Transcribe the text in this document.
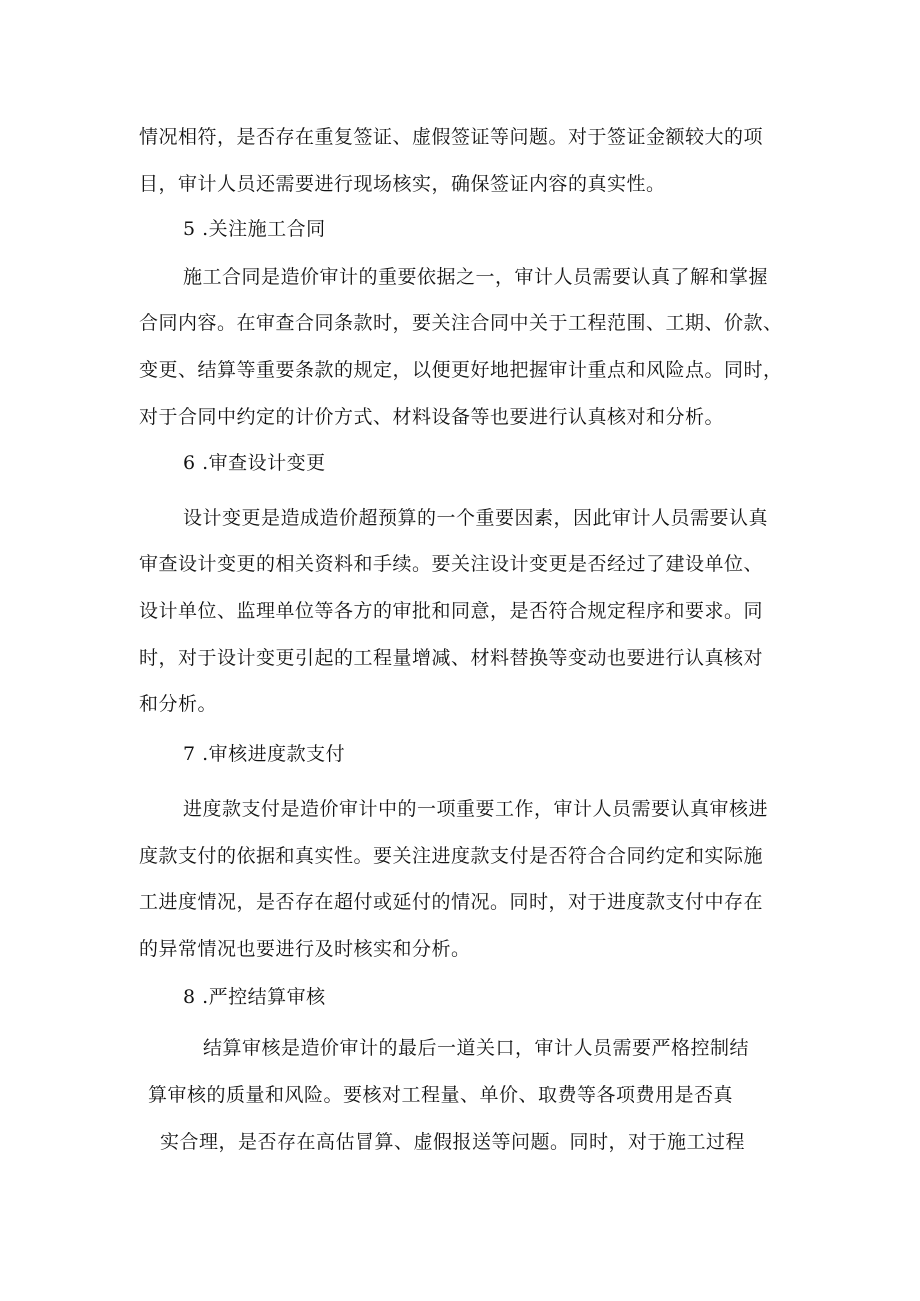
情况相符，是否存在重复签证、虚假签证等问题。对于签证金额较大的项
目，审计人员还需要进行现场核实，确保签证内容的真实性。
5 .关注施工合同
施工合同是造价审计的重要依据之一，审计人员需要认真了解和掌握
合同内容。在审查合同条款时，要关注合同中关于工程范围、工期、价款、
变更、结算等重要条款的规定，以便更好地把握审计重点和风险点。同时，
对于合同中约定的计价方式、材料设备等也要进行认真核对和分析。
6 .审查设计变更
设计变更是造成造价超预算的一个重要因素，因此审计人员需要认真
审查设计变更的相关资料和手续。要关注设计变更是否经过了建设单位、
设计单位、监理单位等各方的审批和同意，是否符合规定程序和要求。同
时，对于设计变更引起的工程量增减、材料替换等变动也要进行认真核对
和分析。
7 .审核进度款支付
进度款支付是造价审计中的一项重要工作，审计人员需要认真审核进
度款支付的依据和真实性。要关注进度款支付是否符合合同约定和实际施
工进度情况，是否存在超付或延付的情况。同时，对于进度款支付中存在
的异常情况也要进行及时核实和分析。
8 .严控结算审核
结算审核是造价审计的最后一道关口，审计人员需要严格控制结
算审核的质量和风险。要核对工程量、单价、取费等各项费用是否真
实合理，是否存在高估冒算、虚假报送等问题。同时，对于施工过程
